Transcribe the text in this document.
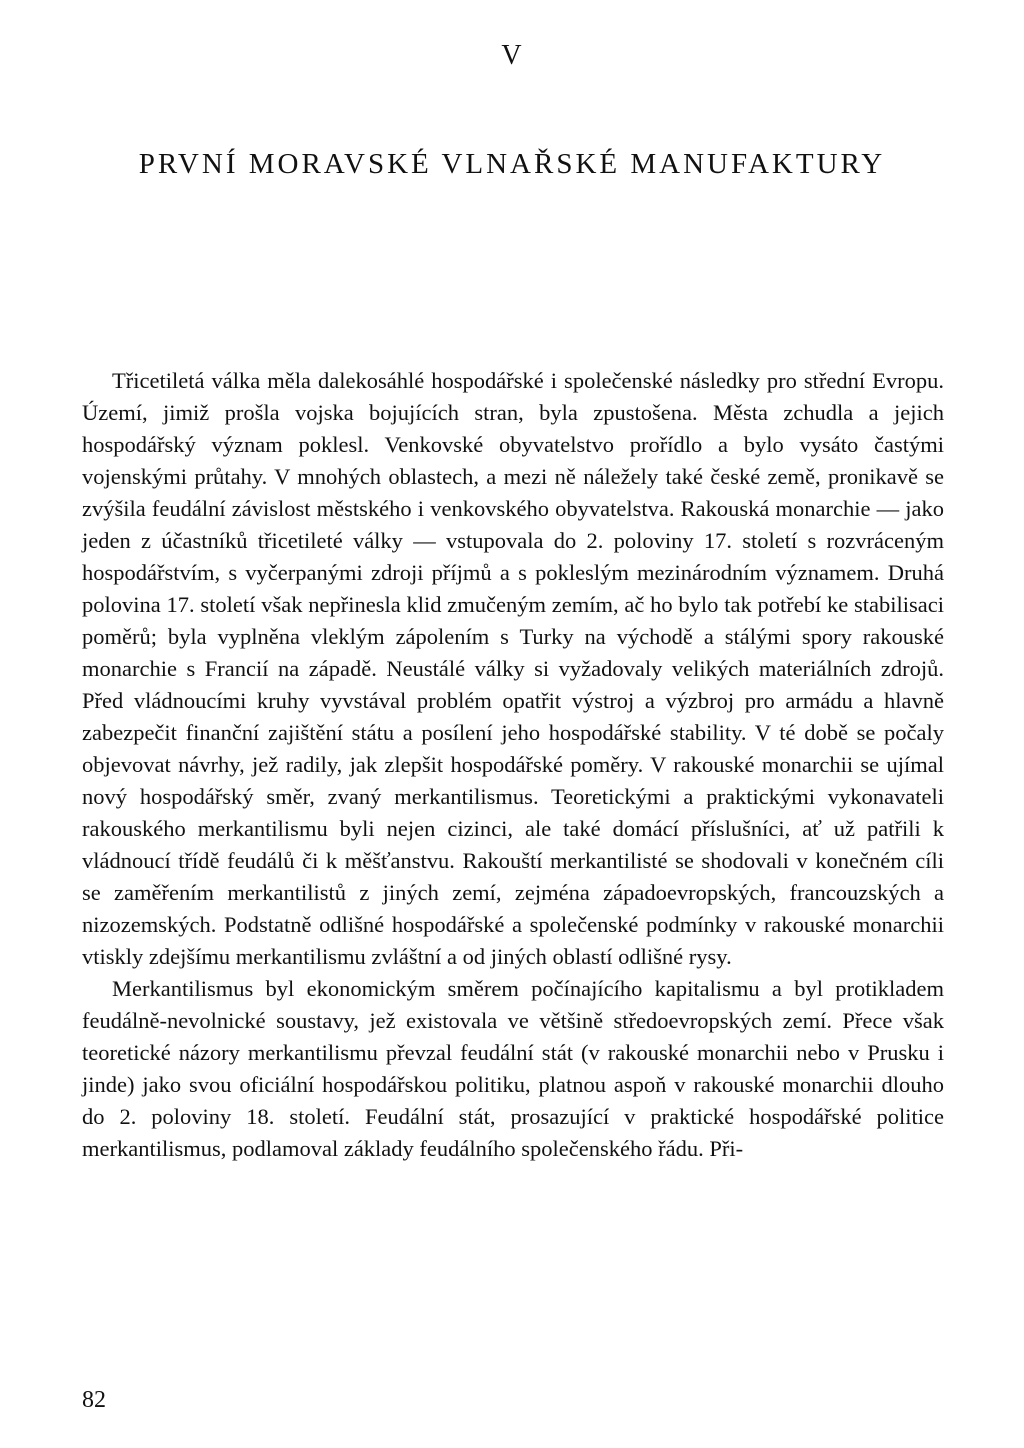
V
PRVNÍ MORAVSKÉ VLNAŘSKÉ MANUFAKTURY

Třicetiletá válka měla dalekosáhlé hospodářské i společenské následky pro střední Evropu. Území, jimiž prošla vojska bojujících stran, byla zpustošena. Města zchudla a jejich hospodářský význam poklesl. Venkovské obyvatelstvo prořídlo a bylo vysáto častými vojenskými průtahy. V mnohých oblastech, a mezi ně náležely také české země, pronikavě se zvýšila feudální závislost městského i venkovského obyvatelstva. Rakouská monarchie — jako jeden z účastníků třicetileté války — vstupovala do 2. poloviny 17. století s rozvráceným hospodářstvím, s vyčerpanými zdroji příjmů a s pokleslým mezinárodním významem. Druhá polovina 17. století však nepřinesla klid zmučeným zemím, ač ho bylo tak potřebí ke stabilisaci poměrů; byla vyplněna vleklým zápolením s Turky na východě a stálými spory rakouské monarchie s Francií na západě. Neustálé války si vyžadovaly velikých materiálních zdrojů. Před vládnoucími kruhy vyvstával problém opatřit výstroj a výzbroj pro armádu a hlavně zabezpečit finanční zajištění státu a posílení jeho hospodářské stability. V té době se počaly objevovat návrhy, jež radily, jak zlepšit hospodářské poměry. V rakouské monarchii se ujímal nový hospodářský směr, zvaný merkantilismus. Teoretickými a praktickými vykonavateli rakouského merkantilismu byli nejen cizinci, ale také domácí příslušníci, ať už patřili k vládnoucí třídě feudálů či k měšťanstvu. Rakouští merkantilisté se shodovali v konečném cíli se zaměřením merkantilistů z jiných zemí, zejména západoevropských, francouzských a nizozemských. Podstatně odlišné hospodářské a společenské podmínky v rakouské monarchii vtiskly zdejšímu merkantilismu zvláštní a od jiných oblastí odlišné rysy.

Merkantilismus byl ekonomickým směrem počínajícího kapitalismu a byl protikladem feudálně-nevolnické soustavy, jež existovala ve většině středoevropských zemí. Přece však teoretické názory merkantilismu převzal feudální stát (v rakouské monarchii nebo v Prusku i jinde) jako svou oficiální hospodářskou politiku, platnou aspoň v rakouské monarchii dlouho do 2. poloviny 18. století. Feudální stát, prosazující v praktické hospodářské politice merkantilismus, podlamoval základy feudálního společenského řádu. Při-

82
